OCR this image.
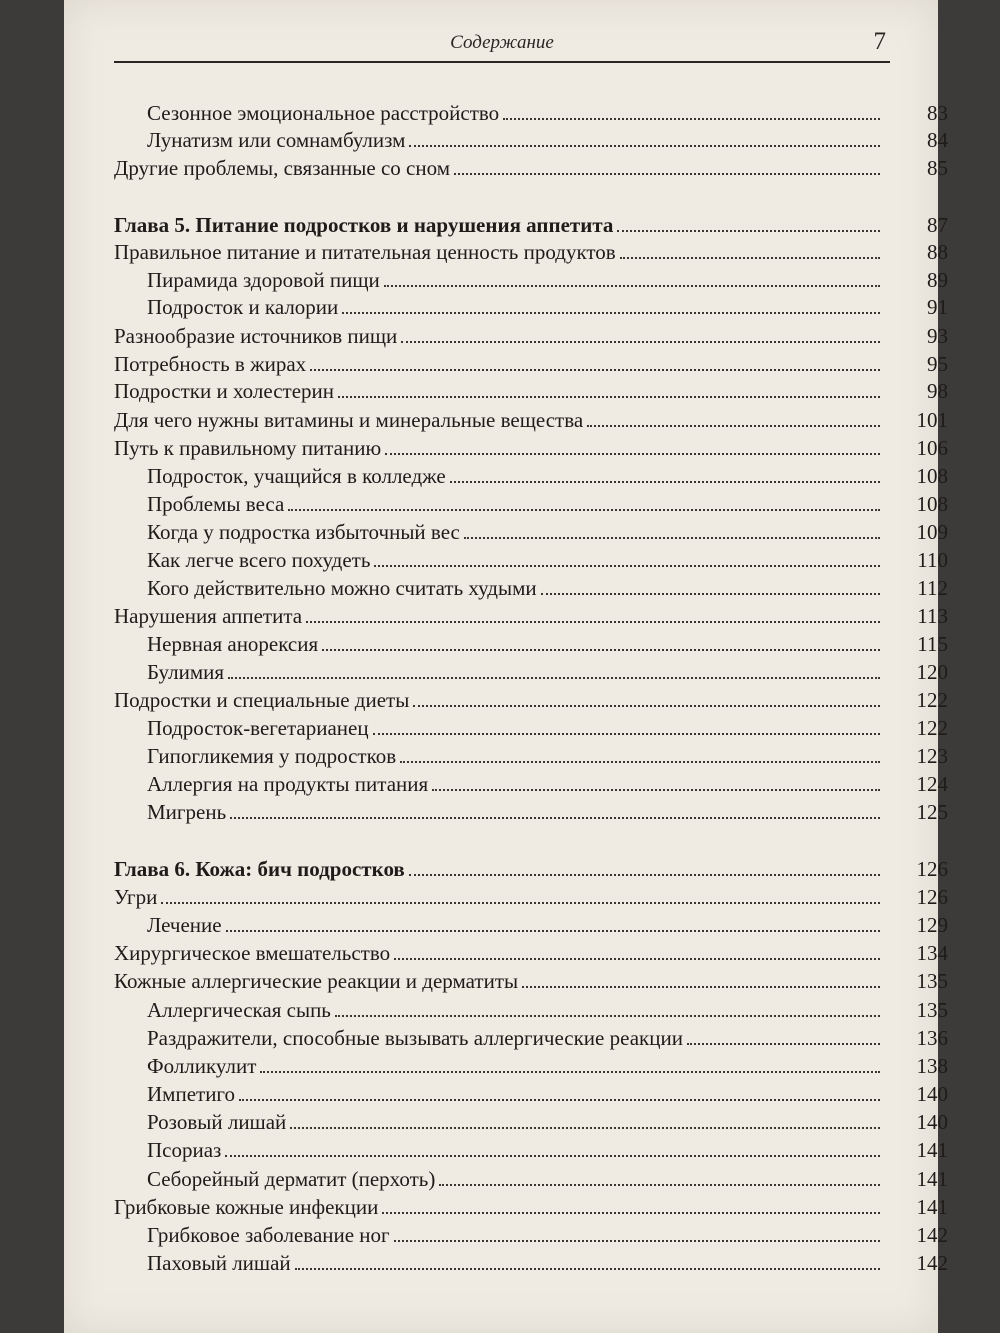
Содержание	7
Сезонное эмоциональное расстройство	83
Лунатизм или сомнамбулизм	84
Другие проблемы, связанные со сном	85
Глава 5. Питание подростков и нарушения аппетита	87
Правильное питание и питательная ценность продуктов	88
Пирамида здоровой пищи	89
Подросток и калории	91
Разнообразие источников пищи	93
Потребность в жирах	95
Подростки и холестерин	98
Для чего нужны витамины и минеральные вещества	101
Путь к правильному питанию	106
Подросток, учащийся в колледже	108
Проблемы веса	108
Когда у подростка избыточный вес	109
Как легче всего похудеть	110
Кого действительно можно считать худыми	112
Нарушения аппетита	113
Нервная анорексия	115
Булимия	120
Подростки и специальные диеты	122
Подросток-вегетарианец	122
Гипогликемия у подростков	123
Аллергия на продукты питания	124
Мигрень	125
Глава 6. Кожа: бич подростков	126
Угри	126
Лечение	129
Хирургическое вмешательство	134
Кожные аллергические реакции и дерматиты	135
Аллергическая сыпь	135
Раздражители, способные вызывать аллергические реакции	136
Фолликулит	138
Импетиго	140
Розовый лишай	140
Псориаз	141
Себорейный дерматит (перхоть)	141
Грибковые кожные инфекции	141
Грибковое заболевание ног	142
Паховый лишай	142
